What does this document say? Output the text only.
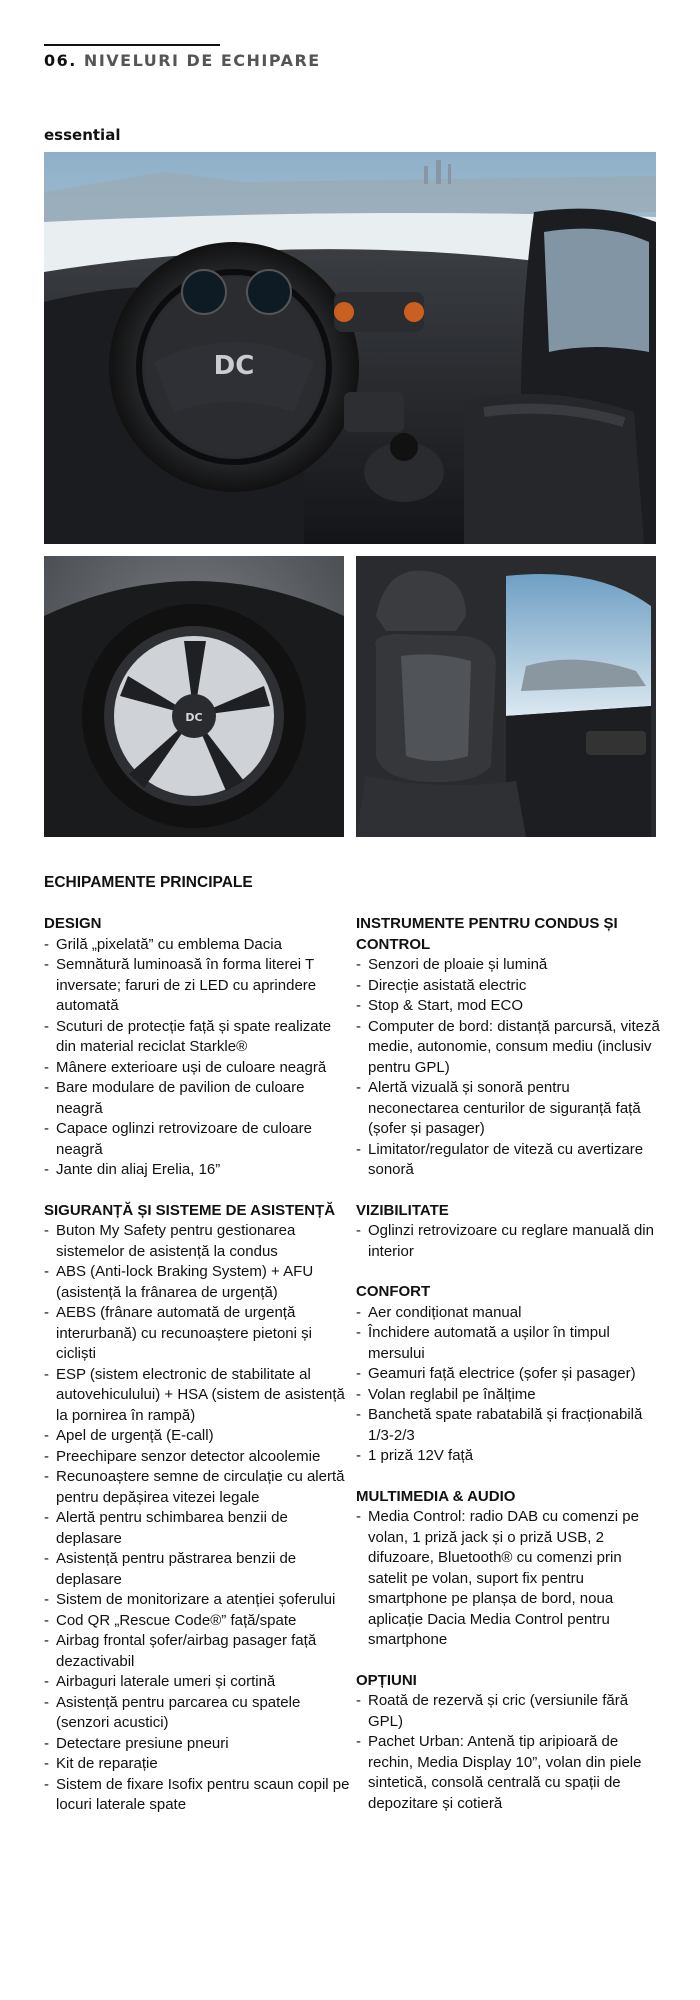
06. NIVELURI DE ECHIPARE
essential
DC
DC
ECHIPAMENTE PRINCIPALE

DESIGN

- Grilă „pixelată” cu emblema Dacia
- Semnătură luminoasă în forma literei T inversate; faruri de zi LED cu aprindere automată
- Scuturi de protecție față și spate realizate din material reciclat Starkle®
- Mânere exterioare uși de culoare neagră
- Bare modulare de pavilion de culoare neagră
- Capace oglinzi retrovizoare de culoare neagră
- Jante din aliaj Erelia, 16”

SIGURANȚĂ ȘI SISTEME DE ASISTENȚĂ

- Buton My Safety pentru gestionarea sistemelor de asistență la condus
- ABS (Anti-lock Braking System) + AFU (asistență la frânarea de urgență)
- AEBS (frânare automată de urgență interurbană) cu recunoaștere pietoni și cicliști
- ESP (sistem electronic de stabilitate al autovehiculului) + HSA (sistem de asistență la pornirea în rampă)
- Apel de urgență (E-call)
- Preechipare senzor detector alcoolemie
- Recunoaștere semne de circulație cu alertă pentru depășirea vitezei legale
- Alertă pentru schimbarea benzii de deplasare
- Asistență pentru păstrarea benzii de deplasare
- Sistem de monitorizare a atenției șoferului
- Cod QR „Rescue Code®” față/spate
- Airbag frontal șofer/airbag pasager față dezactivabil
- Airbaguri laterale umeri și cortină
- Asistență pentru parcarea cu spatele (senzori acustici)
- Detectare presiune pneuri
- Kit de reparație
- Sistem de fixare Isofix pentru scaun copil pe locuri laterale spate

INSTRUMENTE PENTRU CONDUS ȘI CONTROL

- Senzori de ploaie și lumină
- Direcție asistată electric
- Stop & Start, mod ECO
- Computer de bord: distanță parcursă, viteză medie, autonomie, consum mediu (inclusiv pentru GPL)
- Alertă vizuală și sonoră pentru neconectarea centurilor de siguranță față (șofer și pasager)
- Limitator/regulator de viteză cu avertizare sonoră

VIZIBILITATE

- Oglinzi retrovizoare cu reglare manuală din interior

CONFORT

- Aer condiționat manual
- Închidere automată a ușilor în timpul mersului
- Geamuri față electrice (șofer și pasager)
- Volan reglabil pe înălțime
- Banchetă spate rabatabilă și fracționabilă 1/3-2/3
- 1 priză 12V față

MULTIMEDIA & AUDIO

- Media Control: radio DAB cu comenzi pe volan, 1 priză jack și o priză USB, 2 difuzoare, Bluetooth® cu comenzi prin satelit pe volan, suport fix pentru smartphone pe planșa de bord, noua aplicație Dacia Media Control pentru smartphone

OPȚIUNI

- Roată de rezervă și cric (versiunile fără GPL)
- Pachet Urban: Antenă tip aripioară de rechin, Media Display 10”, volan din piele sintetică, consolă centrală cu spații de depozitare și cotieră
